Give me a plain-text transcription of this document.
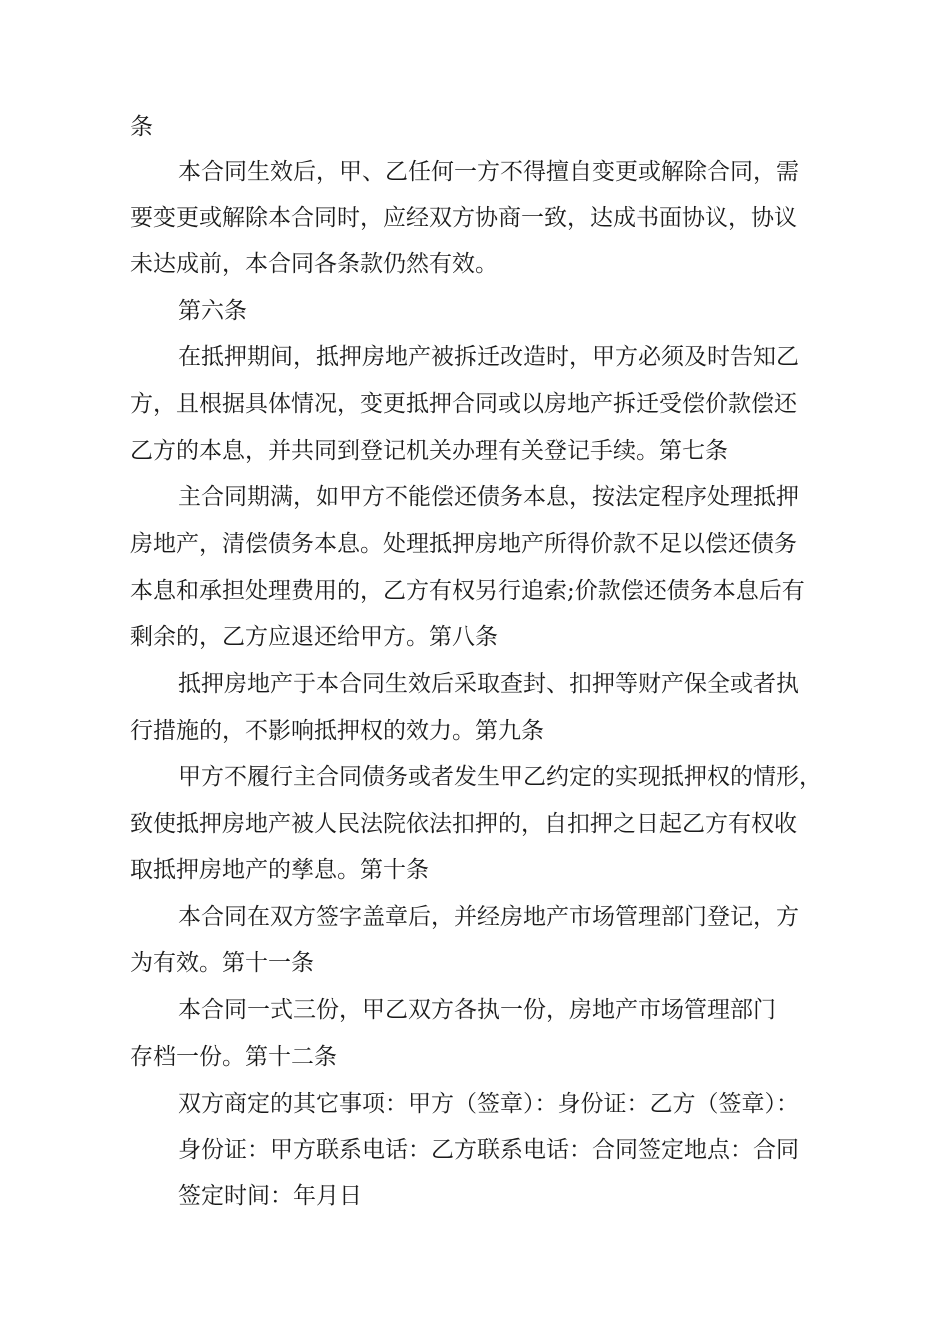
条
本合同生效后，甲、乙任何一方不得擅自变更或解除合同，需
要变更或解除本合同时，应经双方协商一致，达成书面协议，协议
未达成前，本合同各条款仍然有效。
第六条
在抵押期间，抵押房地产被拆迁改造时，甲方必须及时告知乙
方，且根据具体情况，变更抵押合同或以房地产拆迁受偿价款偿还
乙方的本息，并共同到登记机关办理有关登记手续。第七条
主合同期满，如甲方不能偿还债务本息，按法定程序处理抵押
房地产，清偿债务本息。处理抵押房地产所得价款不足以偿还债务
本息和承担处理费用的，乙方有权另行追索;价款偿还债务本息后有
剩余的，乙方应退还给甲方。第八条
抵押房地产于本合同生效后采取查封、扣押等财产保全或者执
行措施的，不影响抵押权的效力。第九条
甲方不履行主合同债务或者发生甲乙约定的实现抵押权的情形，
致使抵押房地产被人民法院依法扣押的，自扣押之日起乙方有权收
取抵押房地产的孳息。第十条
本合同在双方签字盖章后，并经房地产市场管理部门登记，方
为有效。第十一条
本合同一式三份，甲乙双方各执一份，房地产市场管理部门
存档一份。第十二条
双方商定的其它事项：甲方（签章）：身份证：乙方（签章）：
身份证：甲方联系电话：乙方联系电话：合同签定地点：合同
签定时间：年月日
